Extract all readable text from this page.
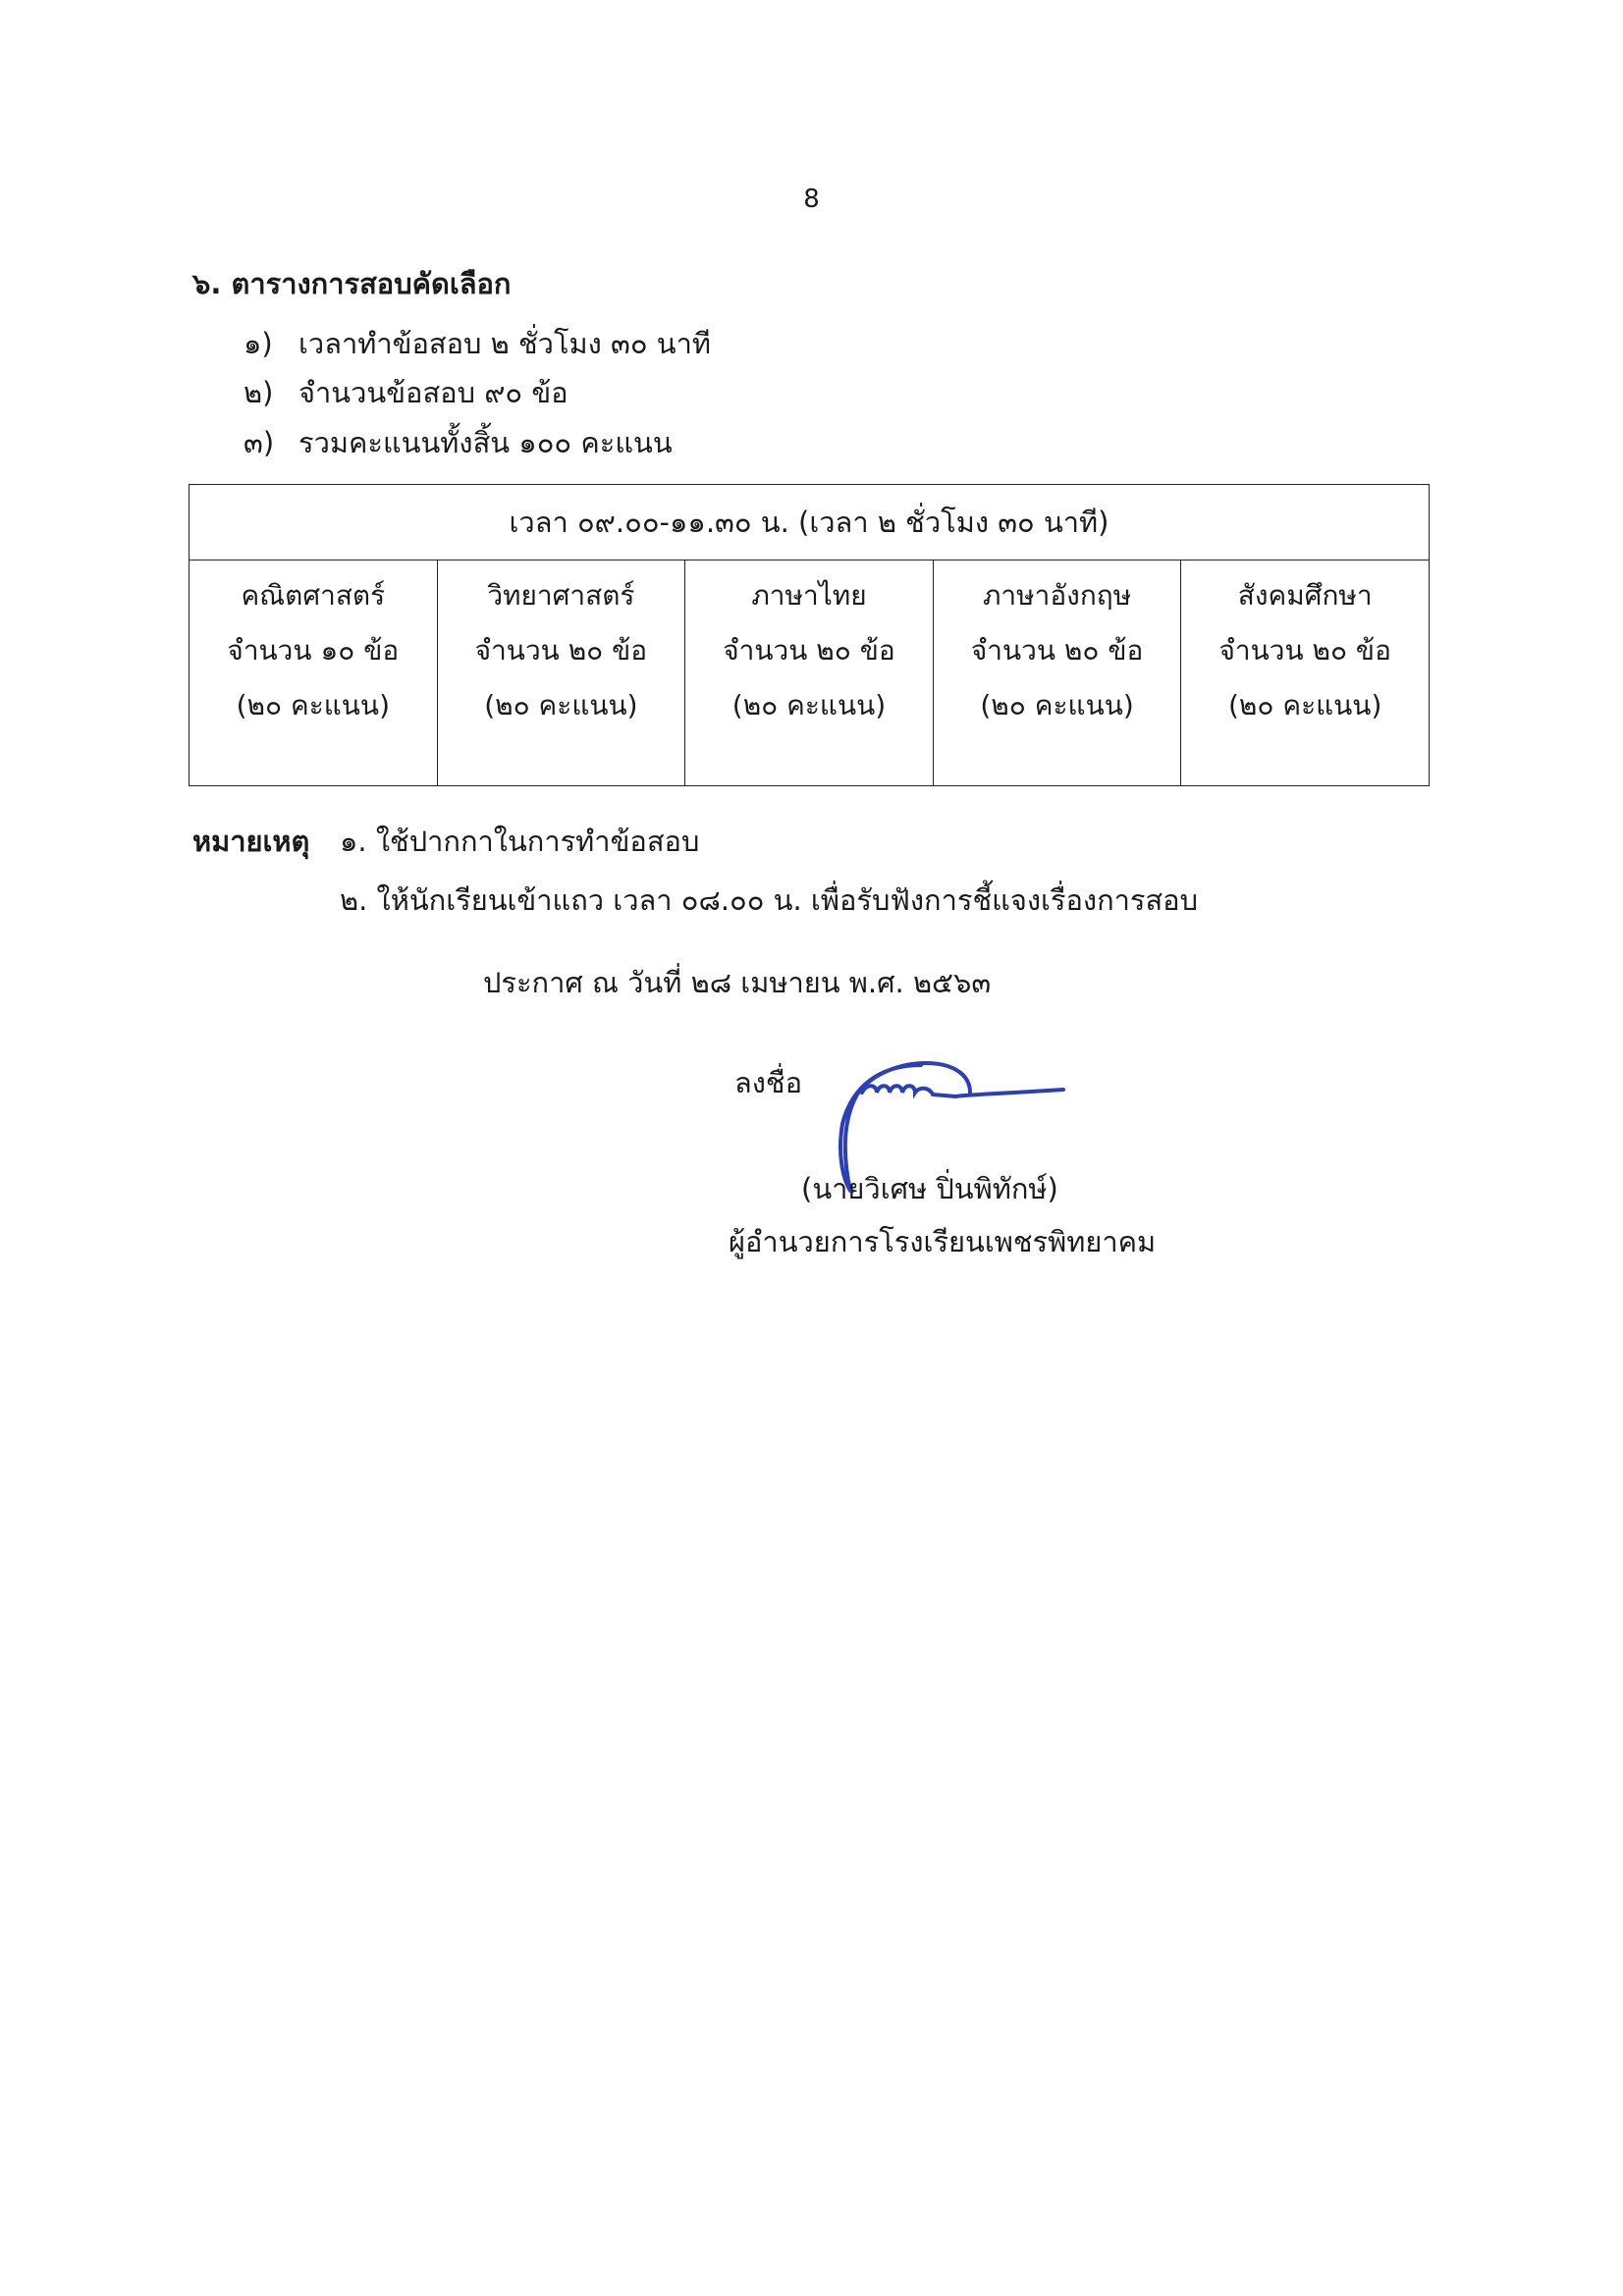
8
๖. ตารางการสอบคัดเลือก
๑) เวลาทำข้อสอบ ๒ ชั่วโมง ๓๐ นาที
๒) จำนวนข้อสอบ ๙๐ ข้อ
๓) รวมคะแนนทั้งสิ้น ๑๐๐ คะแนน
เวลา ๐๙.๐๐-๑๑.๓๐ น. (เวลา ๒ ชั่วโมง ๓๐ นาที)
คณิตศาสตร์
จำนวน ๑๐ ข้อ
(๒๐ คะแนน)
วิทยาศาสตร์
จำนวน ๒๐ ข้อ
(๒๐ คะแนน)
ภาษาไทย
จำนวน ๒๐ ข้อ
(๒๐ คะแนน)
ภาษาอังกฤษ
จำนวน ๒๐ ข้อ
(๒๐ คะแนน)
สังคมศึกษา
จำนวน ๒๐ ข้อ
(๒๐ คะแนน)
หมายเหตุ ๑. ใช้ปากกาในการทำข้อสอบ
๒. ให้นักเรียนเข้าแถว เวลา ๐๘.๐๐ น. เพื่อรับฟังการชี้แจงเรื่องการสอบ
ประกาศ ณ วันที่ ๒๘ เมษายน พ.ศ. ๒๕๖๓
ลงชื่อ
(นายวิเศษ ปิ่นพิทักษ์)
ผู้อำนวยการโรงเรียนเพชรพิทยาคม
